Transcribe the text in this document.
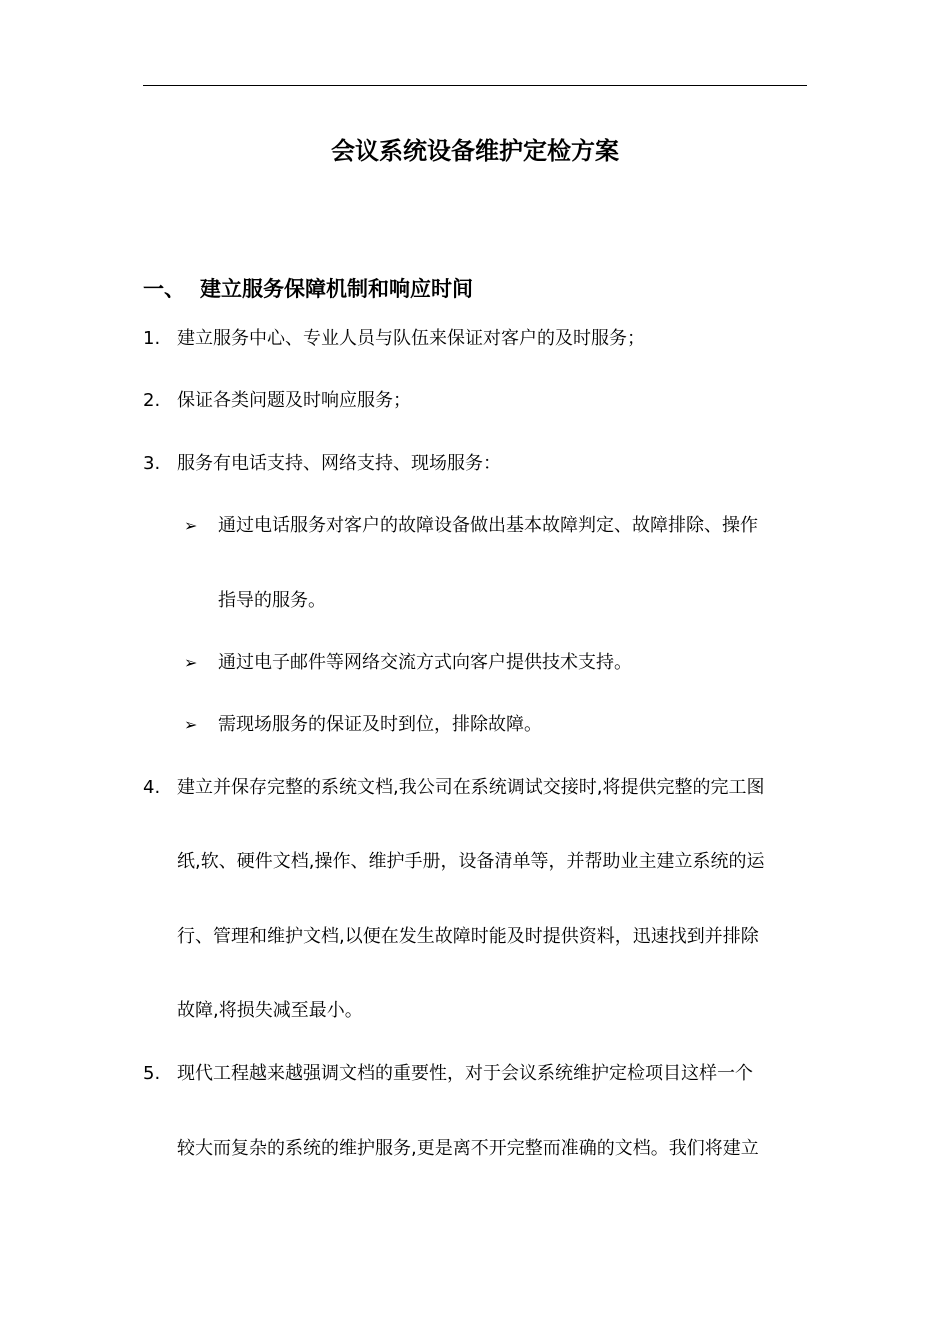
会议系统设备维护定检方案
一、 建立服务保障机制和响应时间
1. 建立服务中心、专业人员与队伍来保证对客户的及时服务；
2. 保证各类问题及时响应服务；
3. 服务有电话支持、网络支持、现场服务：
➢ 通过电话服务对客户的故障设备做出基本故障判定、故障排除、操作
指导的服务。
➢ 通过电子邮件等网络交流方式向客户提供技术支持。
➢ 需现场服务的保证及时到位，排除故障。
4. 建立并保存完整的系统文档,我公司在系统调试交接时,将提供完整的完工图
纸,软、硬件文档,操作、维护手册，设备清单等，并帮助业主建立系统的运
行、管理和维护文档,以便在发生故障时能及时提供资料，迅速找到并排除
故障,将损失减至最小。
5. 现代工程越来越强调文档的重要性，对于会议系统维护定检项目这样一个
较大而复杂的系统的维护服务,更是离不开完整而准确的文档。我们将建立
